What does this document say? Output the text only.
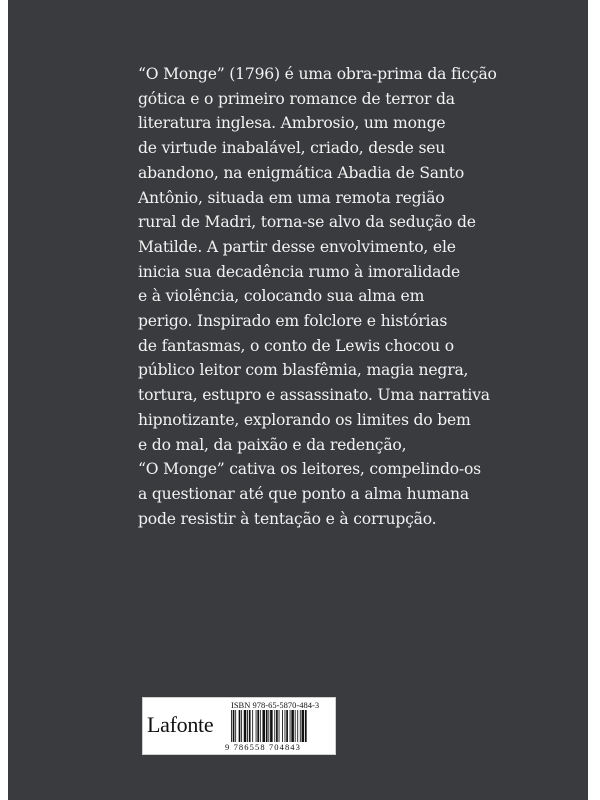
“O Monge” (1796) é uma obra-prima da ficção
gótica e o primeiro romance de terror da
literatura inglesa. Ambrosio, um monge
de virtude inabalável, criado, desde seu
abandono, na enigmática Abadia de Santo
Antônio, situada em uma remota região
rural de Madri, torna-se alvo da sedução de
Matilde. A partir desse envolvimento, ele
inicia sua decadência rumo à imoralidade
e à violência, colocando sua alma em
perigo. Inspirado em folclore e histórias
de fantasmas, o conto de Lewis chocou o
público leitor com blasfêmia, magia negra,
tortura, estupro e assassinato. Uma narrativa
hipnotizante, explorando os limites do bem
e do mal, da paixão e da redenção,
“O Monge” cativa os leitores, compelindo-os
a questionar até que ponto a alma humana
pode resistir à tentação e à corrupção.
Lafonte
ISBN 978-65-5870-484-3
9 786558 704843
